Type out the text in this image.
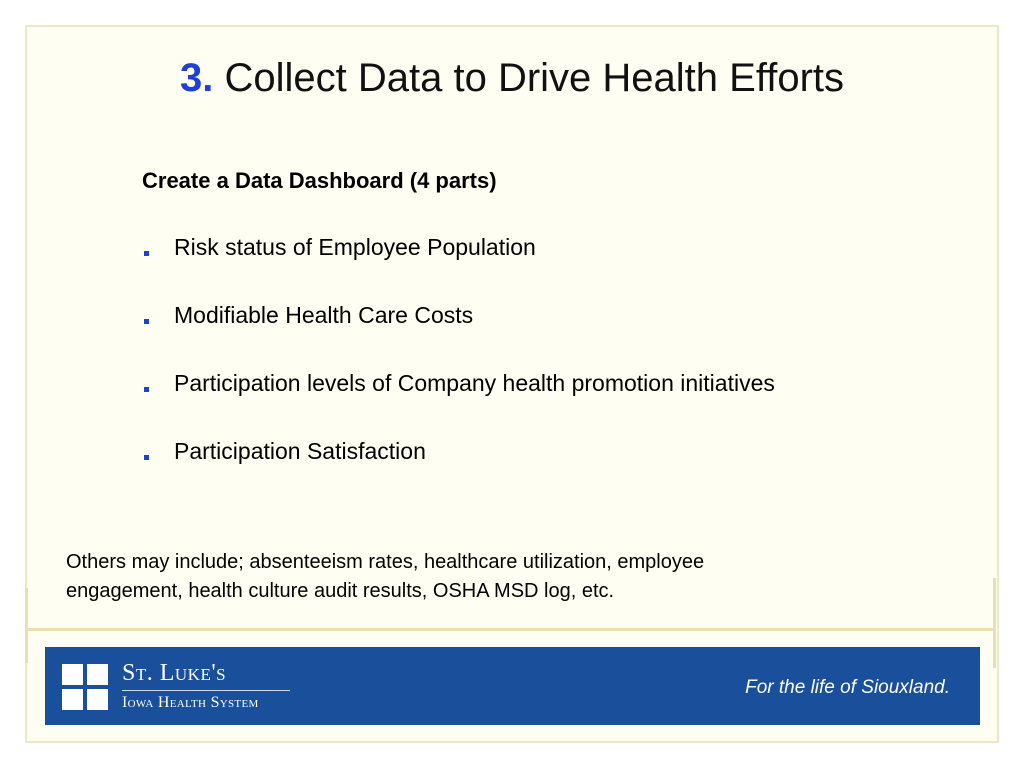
3. Collect Data to Drive Health Efforts
Create a Data Dashboard (4 parts)
Risk status of Employee Population
Modifiable Health Care Costs
Participation levels of Company health promotion initiatives
Participation Satisfaction
Others may include; absenteeism rates, healthcare utilization, employee
engagement, health culture audit results, OSHA MSD log, etc.
St. Luke's
Iowa Health System
For the life of Siouxland.
